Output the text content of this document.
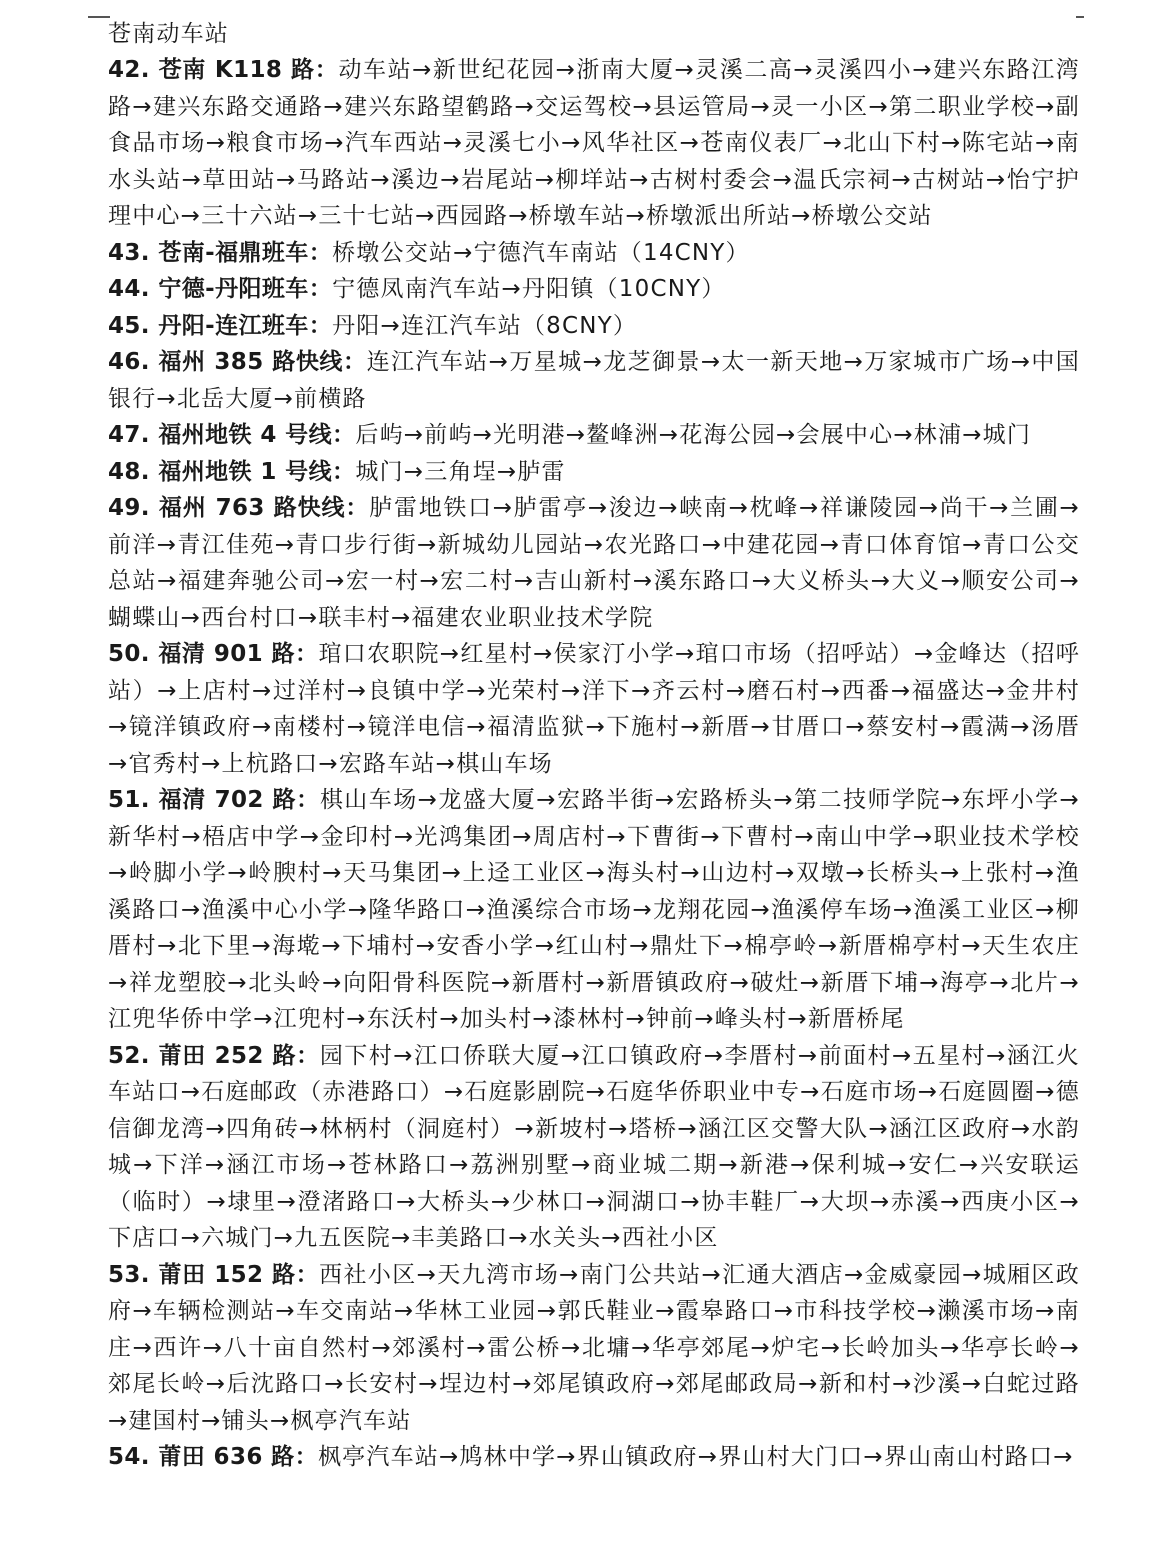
苍南动车站

42. 苍南 K118 路：动车站→新世纪花园→浙南大厦→灵溪二高→灵溪四小→建兴东路江湾路→建兴东路交通路→建兴东路望鹤路→交运驾校→县运管局→灵一小区→第二职业学校→副食品市场→粮食市场→汽车西站→灵溪七小→风华社区→苍南仪表厂→北山下村→陈宅站→南水头站→草田站→马路站→溪边→岩尾站→柳垟站→古树村委会→温氏宗祠→古树站→怡宁护理中心→三十六站→三十七站→西园路→桥墩车站→桥墩派出所站→桥墩公交站

43. 苍南-福鼎班车：桥墩公交站→宁德汽车南站（14CNY）

44. 宁德-丹阳班车：宁德凤南汽车站→丹阳镇（10CNY）

45. 丹阳-连江班车：丹阳→连江汽车站（8CNY）

46. 福州 385 路快线：连江汽车站→万星城→龙芝御景→太一新天地→万家城市广场→中国银行→北岳大厦→前横路

47. 福州地铁 4 号线：后屿→前屿→光明港→鳌峰洲→花海公园→会展中心→林浦→城门

48. 福州地铁 1 号线：城门→三角埕→胪雷

49. 福州 763 路快线：胪雷地铁口→胪雷亭→浚边→峡南→枕峰→祥谦陵园→尚干→兰圃→前洋→青江佳苑→青口步行街→新城幼儿园站→农光路口→中建花园→青口体育馆→青口公交总站→福建奔驰公司→宏一村→宏二村→吉山新村→溪东路口→大义桥头→大义→顺安公司→蝴蝶山→西台村口→联丰村→福建农业职业技术学院

50. 福清 901 路：琯口农职院→红星村→侯家汀小学→琯口市场（招呼站）→金峰达（招呼站）→上店村→过洋村→良镇中学→光荣村→洋下→齐云村→磨石村→西番→福盛达→金井村→镜洋镇政府→南楼村→镜洋电信→福清监狱→下施村→新厝→甘厝口→蔡安村→霞满→汤厝→官秀村→上杭路口→宏路车站→棋山车场

51. 福清 702 路：棋山车场→龙盛大厦→宏路半街→宏路桥头→第二技师学院→东坪小学→新华村→梧店中学→金印村→光鸿集团→周店村→下曹街→下曹村→南山中学→职业技术学校→岭脚小学→岭腴村→天马集团→上迳工业区→海头村→山边村→双墩→长桥头→上张村→渔溪路口→渔溪中心小学→隆华路口→渔溪综合市场→龙翔花园→渔溪停车场→渔溪工业区→柳厝村→北下里→海墘→下埔村→安香小学→红山村→鼎灶下→棉亭岭→新厝棉亭村→天生农庄→祥龙塑胶→北头岭→向阳骨科医院→新厝村→新厝镇政府→破灶→新厝下埔→海亭→北片→江兜华侨中学→江兜村→东沃村→加头村→漆林村→钟前→峰头村→新厝桥尾

52. 莆田 252 路：园下村→江口侨联大厦→江口镇政府→李厝村→前面村→五星村→涵江火车站口→石庭邮政（赤港路口）→石庭影剧院→石庭华侨职业中专→石庭市场→石庭圆圈→德信御龙湾→四角砖→林柄村（洞庭村）→新坡村→塔桥→涵江区交警大队→涵江区政府→水韵城→下洋→涵江市场→苍林路口→荔洲别墅→商业城二期→新港→保利城→安仁→兴安联运（临时）→埭里→澄渚路口→大桥头→少林口→洞湖口→协丰鞋厂→大坝→赤溪→西庚小区→下店口→六城门→九五医院→丰美路口→水关头→西社小区

53. 莆田 152 路：西社小区→天九湾市场→南门公共站→汇通大酒店→金威豪园→城厢区政府→车辆检测站→车交南站→华林工业园→郭氏鞋业→霞皋路口→市科技学校→濑溪市场→南庄→西许→八十亩自然村→郊溪村→雷公桥→北墉→华亭郊尾→炉宅→长岭加头→华亭长岭→郊尾长岭→后沈路口→长安村→埕边村→郊尾镇政府→郊尾邮政局→新和村→沙溪→白蛇过路→建国村→铺头→枫亭汽车站

54. 莆田 636 路：枫亭汽车站→鸠林中学→界山镇政府→界山村大门口→界山南山村路口→
